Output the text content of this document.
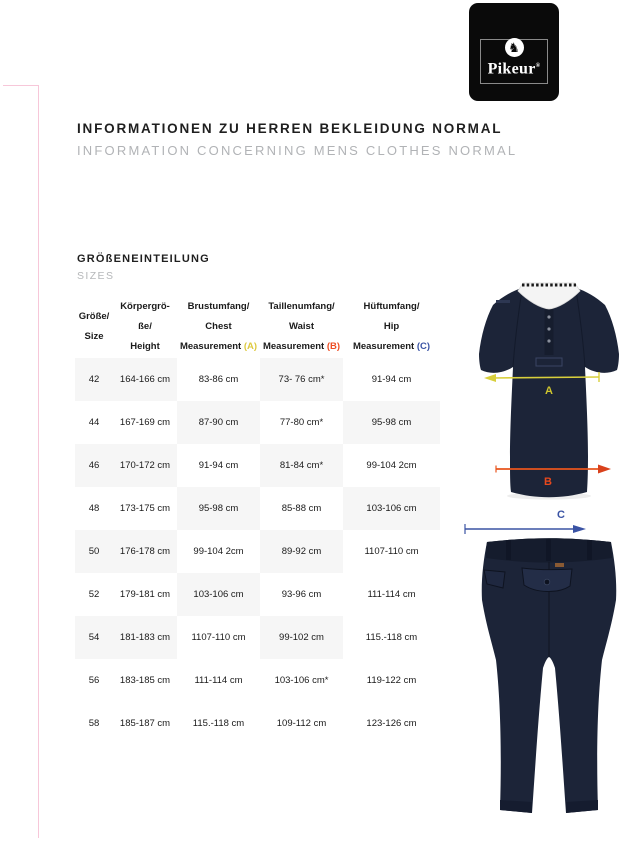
♞
Pikeur®
INFORMATIONEN ZU HERREN BEKLEIDUNG NORMAL
INFORMATION CONCERNING MENS CLOTHES NORMAL
GRÖßENEINTEILUNG
SIZES
Größe/
Size
Körpergrö-
ße/
Height
Brustumfang/
Chest
Measurement (A)
Taillenumfang/
Waist
Measurement (B)
Hüftumfang/
Hip
Measurement (C)
42	164-166 cm	83-86 cm	73- 76 cm*	91-94 cm
44	167-169 cm	87-90 cm	77-80 cm*	95-98 cm
46	170-172 cm	91-94 cm	81-84 cm*	99-104 2cm
48	173-175 cm	95-98 cm	85-88 cm	103-106 cm
50	176-178 cm	99-104 2cm	89-92 cm	1107-110 cm
52	179-181 cm	103-106 cm	93-96 cm	111-114 cm
54	181-183 cm	1107-110 cm	99-102 cm	115.-118 cm
56	183-185 cm	111-114 cm	103-106 cm*	119-122 cm
58	185-187 cm	115.-118 cm	109-112 cm	123-126 cm
A
B
C
